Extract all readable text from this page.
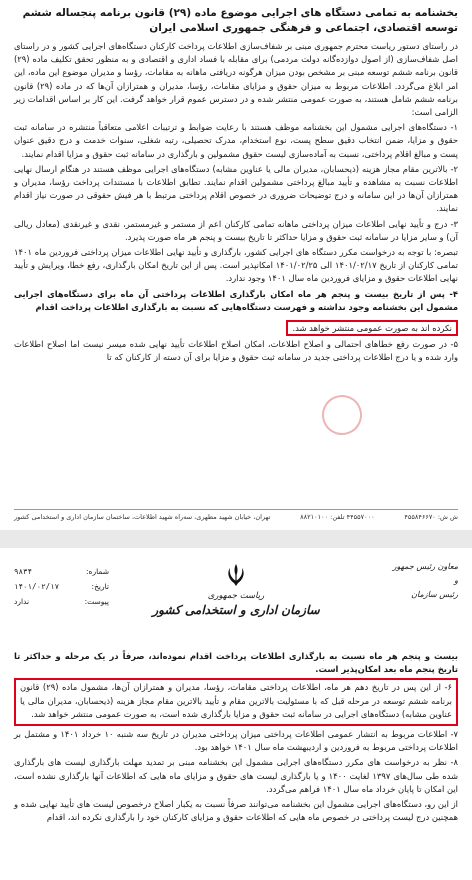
بخشنامه به تمامی دستگاه های اجرایی موضوع ماده (۲۹) قانون برنامه پنجساله ششم توسعه اقتصادی، اجتماعی و فرهنگی جمهوری اسلامی ایران

در راستای دستور ریاست محترم جمهوری مبنی بر شفاف‌سازی اطلاعات پرداخت کارکنان دستگاه‌های اجرایی کشور و در راستای اصل شفاف‌سازی (از اصول دوازده‌گانه دولت مردمی) برای مقابله با فساد اداری و اقتصادی و به منظور تحقق تکلیف ماده (۲۹) قانون برنامه ششم توسعه مبنی بر مشخص بودن میزان هرگونه دریافتی ماهانه به مقامات، رؤسا و مدیران موضوع این ماده، این امر ابلاغ می‌گردد. اطلاعات مربوط به میزان حقوق و مزایای مقامات، رؤسا، مدیران و همترازان آن‌ها که در ماده (۲۹) قانون برنامه ششم شامل هستند، به صورت عمومی منتشر شده و در دسترس عموم قرار خواهد گرفت. این کار بر اساس اقدامات زیر الزامی است:

۱- دستگاه‌های اجرایی مشمول این بخشنامه موظف هستند با رعایت ضوابط و ترتیبات اعلامی متعاقباً منتشره در سامانه ثبت حقوق و مزایا، ضمن انتخاب دقیق سطح پست، نوع استخدام، مدرک تحصیلی، رتبه شغلی، سنوات خدمت و درج دقیق عنوان پست و مبالغ اقلام پرداختی، نسبت به آماده‌سازی لیست حقوق مشمولین و بارگذاری در سامانه ثبت حقوق و مزایا اقدام نمایند.

۲- بالاترین مقام مجاز هزینه (ذیحسابان، مدیران مالی یا عناوین مشابه) دستگاه‌های اجرایی موظف هستند در هنگام ارسال نهایی اطلاعات نسبت به مشاهده و تأیید مبالغ پرداختی مشمولین اقدام نمایند. تطابق اطلاعات با مستندات پرداخت رؤسا، مدیران و همترازان آن‌ها در این سامانه و درج توضیحات ضروری در خصوص اقلام پرداختی مرتبط با هر فیش حقوقی در صورت نیاز اقدام نمایند.

۳- درج و تأیید نهایی اطلاعات میزان پرداختی ماهانه تمامی کارکنان اعم از مستمر و غیرمستمر، نقدی و غیرنقدی (معادل ریالی آن) و سایر مزایا در سامانه ثبت حقوق و مزایا حداکثر تا تاریخ بیست و پنجم هر ماه صورت پذیرد.

تبصره: با توجه به درخواست مکرر دستگاه های اجرایی کشور، بارگذاری و تأیید نهایی اطلاعات میزان پرداختی فروردین ماه ۱۴۰۱ تمامی کارکنان از تاریخ ۱۴۰۱/۰۲/۱۷ الی ۱۴۰۱/۰۲/۲۵ امکانپذیر است. پس از این تاریخ امکان بارگذاری، رفع خطا، ویرایش و تأیید نهایی اطلاعات حقوق و مزایای فروردین ماه سال ۱۴۰۱ وجود ندارد.

۴- پس از تاریخ بیست و پنجم هر ماه امکان بارگذاری اطلاعات پرداختی آن ماه برای دستگاه‌های اجرایی مشمول این بخشنامه وجود نداشته و فهرست دستگاه‌هایی که نسبت به بارگذاری اطلاعات پرداخت اقدام

نکرده اند به صورت عمومی منتشر خواهد شد.

۵- در صورت رفع خطاهای احتمالی و اصلاح اطلاعات، امکان اصلاح اطلاعات تأیید نهایی شده میسر نیست اما اصلاح اطلاعات وارد شده و یا درج اطلاعات پرداختی جدید در سامانه ثبت حقوق و مزایا برای آن دسته از کارکنان که تا

ش ش: ۴۵۵۸۴۶۶۷۰
۴۴۵۵۷۰۰۰ تلفن: ۸۸۲۱۰۱۰۰
تهران، خیابان شهید مطهری، سه‌راه شهید اطلاعات، ساختمان سازمان اداری و استخدامی کشور
معاون رئیس جمهور
و
رئیس سازمان
ریاست جمهوری
سازمان اداری و استخدامی کشور
شماره:
۹۸۳۴
تاریخ:
۱۴۰۱/۰۲/۱۷
پیوست:
ندارد

بیست و پنجم هر ماه نسبت به بارگذاری اطلاعات پرداخت اقدام نموده‌اند، صرفاً در یک مرحله و حداکثر تا تاریخ پنجم ماه بعد امکان‌پذیر است.

۶- از این پس در تاریخ دهم هر ماه، اطلاعات پرداختی مقامات، رؤسا، مدیران و همترازان آن‌ها، مشمول ماده (۲۹) قانون برنامه ششم توسعه در مرحله قبل که با مسئولیت بالاترین مقام و تأیید بالاترین مقام مجاز هزینه (ذیحسابان، مدیران مالی یا عناوین مشابه) دستگاه‌های اجرایی در سامانه ثبت حقوق و مزایا بارگذاری شده است، به صورت عمومی منتشر خواهد شد.

۷- اطلاعات مربوط به انتشار عمومی اطلاعات پرداختی میزان پرداختی مدیران در تاریخ سه شنبه ۱۰ خرداد ۱۴۰۱ و مشتمل بر اطلاعات پرداختی مربوط به فروردین و اردیبهشت ماه سال ۱۴۰۱ خواهد بود.

۸- نظر به درخواست های مکرر دستگاه‌های اجرایی مشمول این بخشنامه مبنی بر تمدید مهلت بارگذاری لیست های بارگذاری شده طی سال‌های ۱۳۹۷ لغایت ۱۴۰۰ و یا بارگذاری لیست های حقوق و مزایای ماه هایی که اطلاعات آنها بارگذاری نشده است، این امکان تا پایان خرداد ماه سال ۱۴۰۱ فراهم می‌گردد.

از این رو، دستگاه‌های اجرایی مشمول این بخشنامه می‌توانند صرفاً نسبت به یکبار اصلاح درخصوص لیست های تأیید نهایی شده و همچنین درج لیست پرداختی در خصوص ماه هایی که اطلاعات حقوق و مزایای کارکنان خود را بارگذاری نکرده اند، اقدام
